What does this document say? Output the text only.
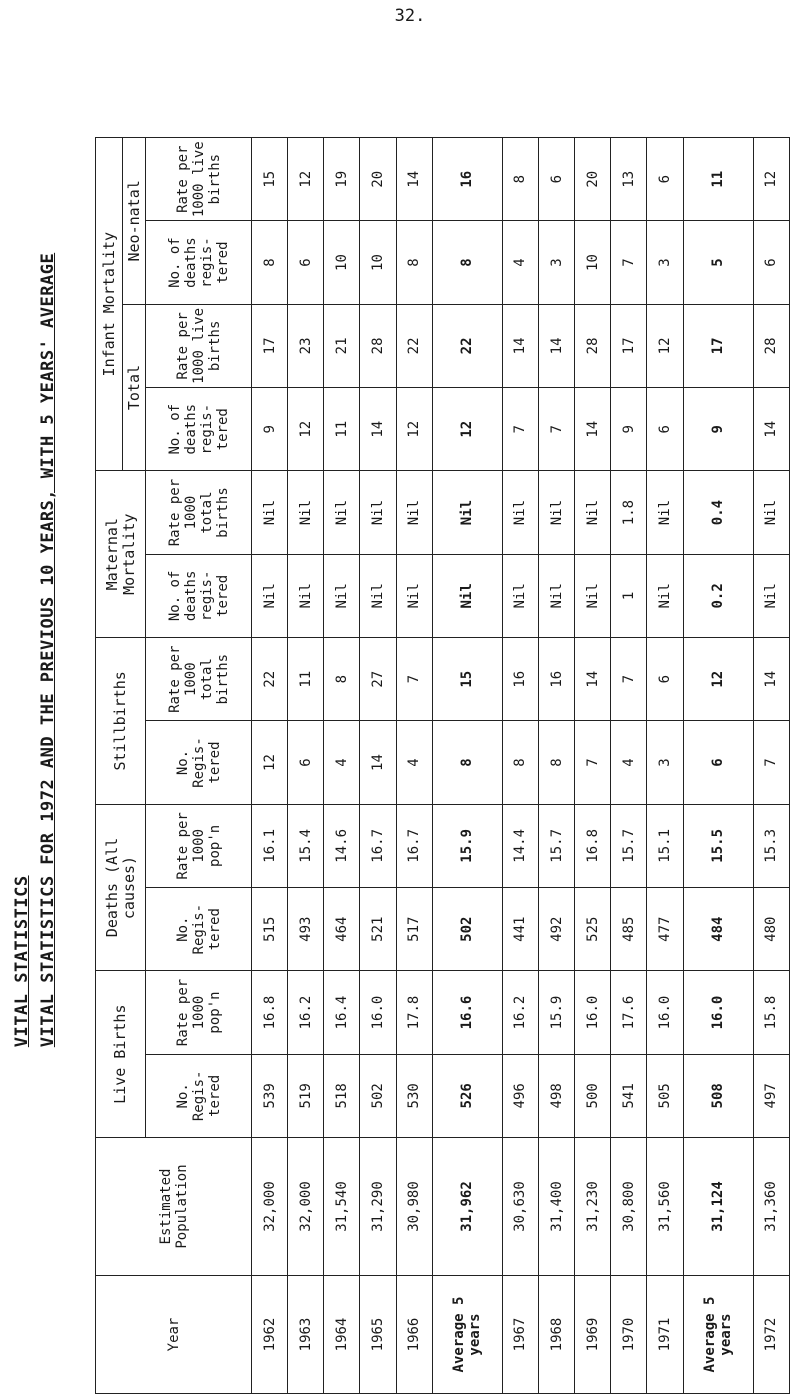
32.
VITAL STATISTICS VITAL STATISTICS FOR 1972 AND THE PREVIOUS 10 YEARS, WITH 5 YEARS' AVERAGE
Year	Estimated Population	Live Births		Deaths (All causes)		Stillbirths		Maternal Mortality		Infant Mortality			
										Total		Neo-natal	
		No. Regis- tered	Rate per 1000 pop'n	No. Regis- tered	Rate per 1000 pop'n	No. Regis- tered	Rate per 1000 total births	No. of deaths regis- tered	Rate per 1000 total births	No. of deaths regis- tered	Rate per 1000 live births	No. of deaths regis- tered	Rate per 1000 live births
1962	32,000	539	16.8	515	16.1	12	22	Nil	Nil	9	17	8	15
1963	32,000	519	16.2	493	15.4	6	11	Nil	Nil	12	23	6	12
1964	31,540	518	16.4	464	14.6	4	8	Nil	Nil	11	21	10	19
1965	31,290	502	16.0	521	16.7	14	27	Nil	Nil	14	28	10	20
1966	30,980	530	17.8	517	16.7	4	7	Nil	Nil	12	22	8	14
Average 5 years	31,962	526	16.6	502	15.9	8	15	Nil	Nil	12	22	8	16
1967	30,630	496	16.2	441	14.4	8	16	Nil	Nil	7	14	4	8
1968	31,400	498	15.9	492	15.7	8	16	Nil	Nil	7	14	3	6
1969	31,230	500	16.0	525	16.8	7	14	Nil	Nil	14	28	10	20
1970	30,800	541	17.6	485	15.7	4	7	1	1.8	9	17	7	13
1971	31,560	505	16.0	477	15.1	3	6	Nil	Nil	6	12	3	6
Average 5 years	31,124	508	16.0	484	15.5	6	12	0.2	0.4	9	17	5	11
1972	31,360	497	15.8	480	15.3	7	14	Nil	Nil	14	28	6	12
